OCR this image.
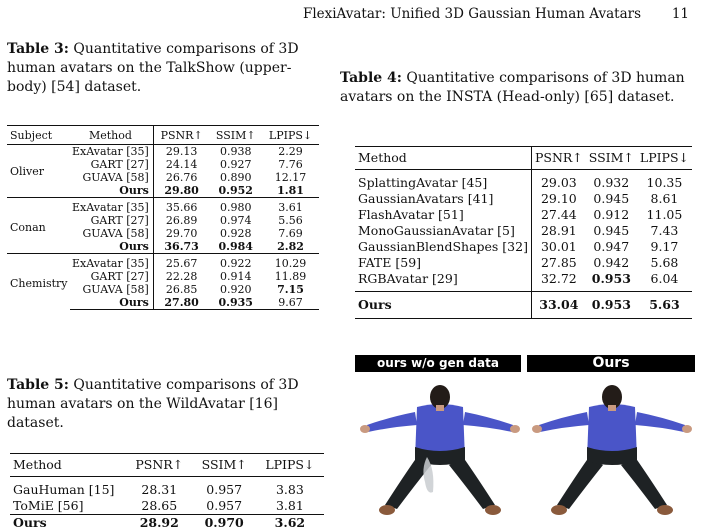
FlexiAvatar: Unified 3D Gaussian Human Avatars 11
Table 3: Quantitative comparisons of 3D human avatars on the TalkShow (upper-body) [54] dataset.
Subject	Method	PSNR↑	SSIM↑	LPIPS↓
Oliver	ExAvatar [35]	29.13	0.938	2.29
	GART [27]	24.14	0.927	7.76
	GUAVA [58]	26.76	0.890	12.17
	Ours	29.80	0.952	1.81
Conan	ExAvatar [35]	35.66	0.980	3.61
	GART [27]	26.89	0.974	5.56
	GUAVA [58]	29.70	0.928	7.69
	Ours	36.73	0.984	2.82
Chemistry	ExAvatar [35]	25.67	0.922	10.29
	GART [27]	22.28	0.914	11.89
	GUAVA [58]	26.85	0.920	7.15
	Ours	27.80	0.935	9.67
Table 4: Quantitative comparisons of 3D human avatars on the INSTA (Head-only) [65] dataset.
Method	PSNR↑	SSIM↑	LPIPS↓
SplattingAvatar [45]	29.03	0.932	10.35
GaussianAvatars [41]	29.10	0.945	8.61
FlashAvatar [51]	27.44	0.912	11.05
MonoGaussianAvatar [5]	28.91	0.945	7.43
GaussianBlendShapes [32]	30.01	0.947	9.17
FATE [59]	27.85	0.942	5.68
RGBAvatar [29]	32.72	0.953	6.04
Ours	33.04	0.953	5.63
Table 5: Quantitative comparisons of 3D human avatars on the WildAvatar [16] dataset.
Method	PSNR↑	SSIM↑	LPIPS↓
GauHuman [15]	28.31	0.957	3.83
ToMiE [56]	28.65	0.957	3.81
Ours	28.92	0.970	3.62
ours w/o gen data	Ours
